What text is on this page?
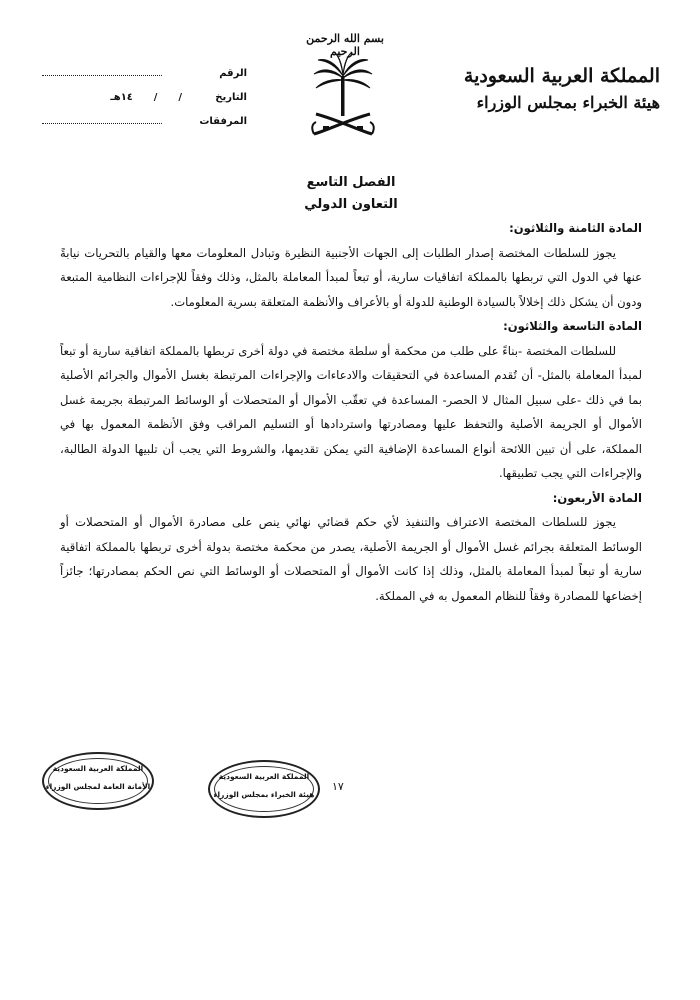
بسم الله الرحمن الرحيم
المملكة العربية السعودية
هيئة الخبراء بمجلس الوزراء
الرقم
التاريخ
/      /      ١٤هـ
المرفقات

الفصل التاسع

التعاون الدولي

المادة الثامنة والثلاثون:

يجوز للسلطات المختصة إصدار الطلبات إلى الجهات الأجنبية النظيرة وتبادل المعلومات معها والقيام بالتحريات نيابةً عنها في الدول التي تربطها بالمملكة اتفاقيات سارية، أو تبعاً لمبدأ المعاملة بالمثل، وذلك وفقاً للإجراءات النظامية المتبعة ودون أن يشكل ذلك إخلالاً بالسيادة الوطنية للدولة أو بالأعراف والأنظمة المتعلقة بسرية المعلومات.

المادة التاسعة والثلاثون:

للسلطات المختصة -بناءً على طلب من محكمة أو سلطة مختصة في دولة أخرى تربطها بالمملكة اتفاقية سارية أو تبعاً لمبدأ المعاملة بالمثل- أن تُقدم المساعدة في التحقيقات والادعاءات والإجراءات المرتبطة بغسل الأموال والجرائم الأصلية بما في ذلك -على سبيل المثال لا الحصر- المساعدة في تعقّب الأموال أو المتحصلات أو الوسائط المرتبطة بجريمة غسل الأموال أو الجريمة الأصلية والتحفظ عليها ومصادرتها واستردادها أو التسليم المراقب وفق الأنظمة المعمول بها في المملكة، على أن تبين اللائحة أنواع المساعدة الإضافية التي يمكن تقديمها، والشروط التي يجب أن تلبيها الدولة الطالبة، والإجراءات التي يجب تطبيقها.

المادة الأربعون:

يجوز للسلطات المختصة الاعتراف والتنفيذ لأي حكم قضائي نهائي ينص على مصادرة الأموال أو المتحصلات أو الوسائط المتعلقة بجرائم غسل الأموال أو الجريمة الأصلية، يصدر من محكمة مختصة بدولة أخرى تربطها بالمملكة اتفاقية سارية أو تبعاً لمبدأ المعاملة بالمثل، وذلك إذا كانت الأموال أو المتحصلات أو الوسائط التي نص الحكم بمصادرتها؛ جائزاً إخضاعها للمصادرة وفقاً للنظام المعمول به في المملكة.

١٧
المملكة العربية السعودية
الأمانة العامة لمجلس الوزراء
المملكة العربية السعودية
هيئة الخبراء بمجلس الوزراء
